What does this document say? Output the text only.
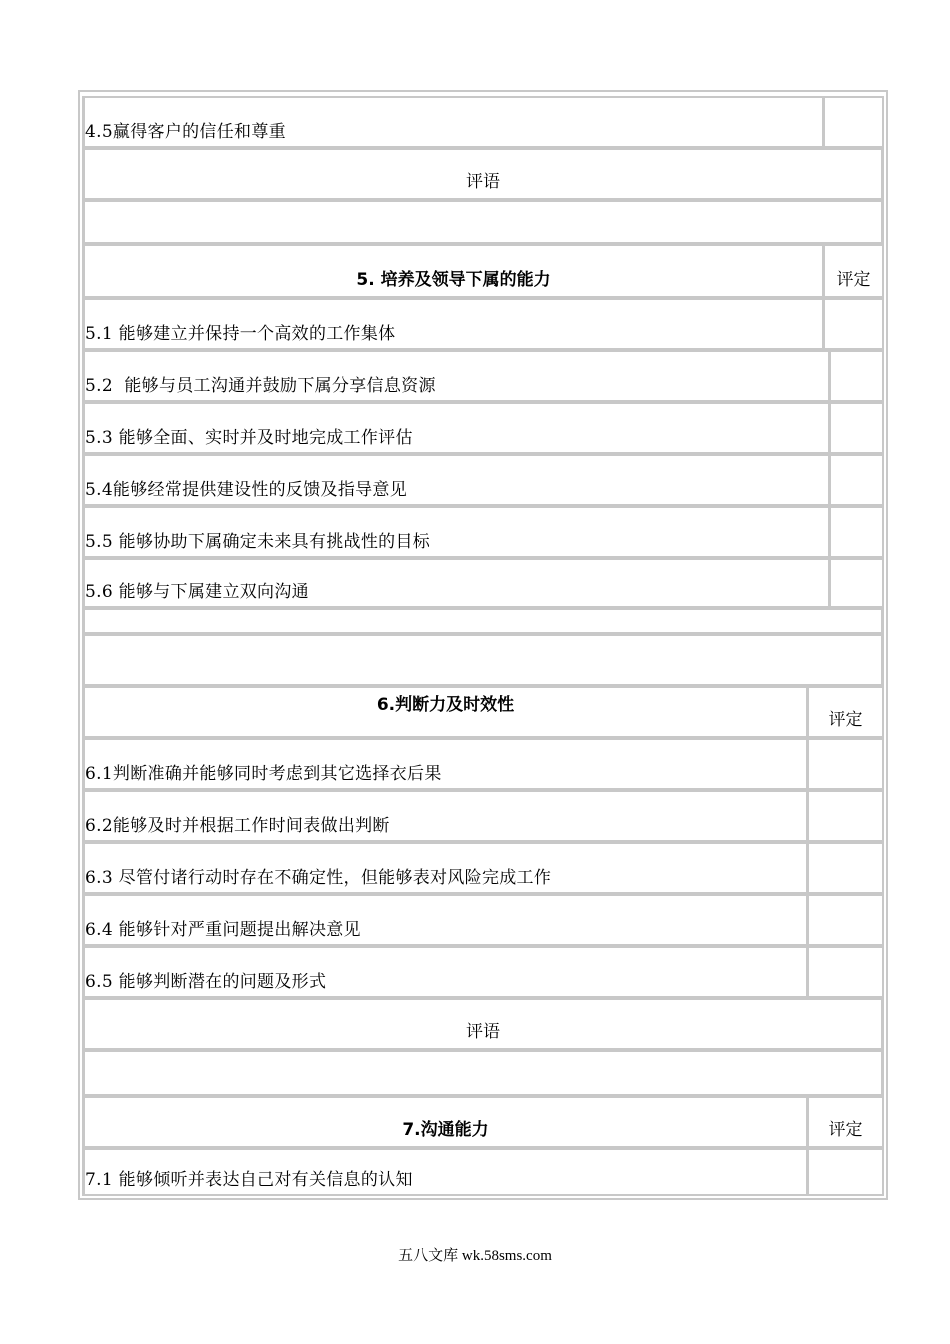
4.5赢得客户的信任和尊重
评语
5. 培养及领导下属的能力	评定
5.1 能够建立并保持一个高效的工作集体
5.2  能够与员工沟通并鼓励下属分享信息资源
5.3 能够全面、实时并及时地完成工作评估
5.4能够经常提供建设性的反馈及指导意见
5.5 能够协助下属确定未来具有挑战性的目标
5.6 能够与下属建立双向沟通
6.判断力及时效性
评定
6.1判断准确并能够同时考虑到其它选择衣后果
6.2能够及时并根据工作时间表做出判断
6.3 尽管付诸行动时存在不确定性，但能够表对风险完成工作
6.4 能够针对严重问题提出解决意见
6.5 能够判断潜在的问题及形式
评语
7.沟通能力	评定
7.1 能够倾听并表达自己对有关信息的认知
五八文库 wk.58sms.com
